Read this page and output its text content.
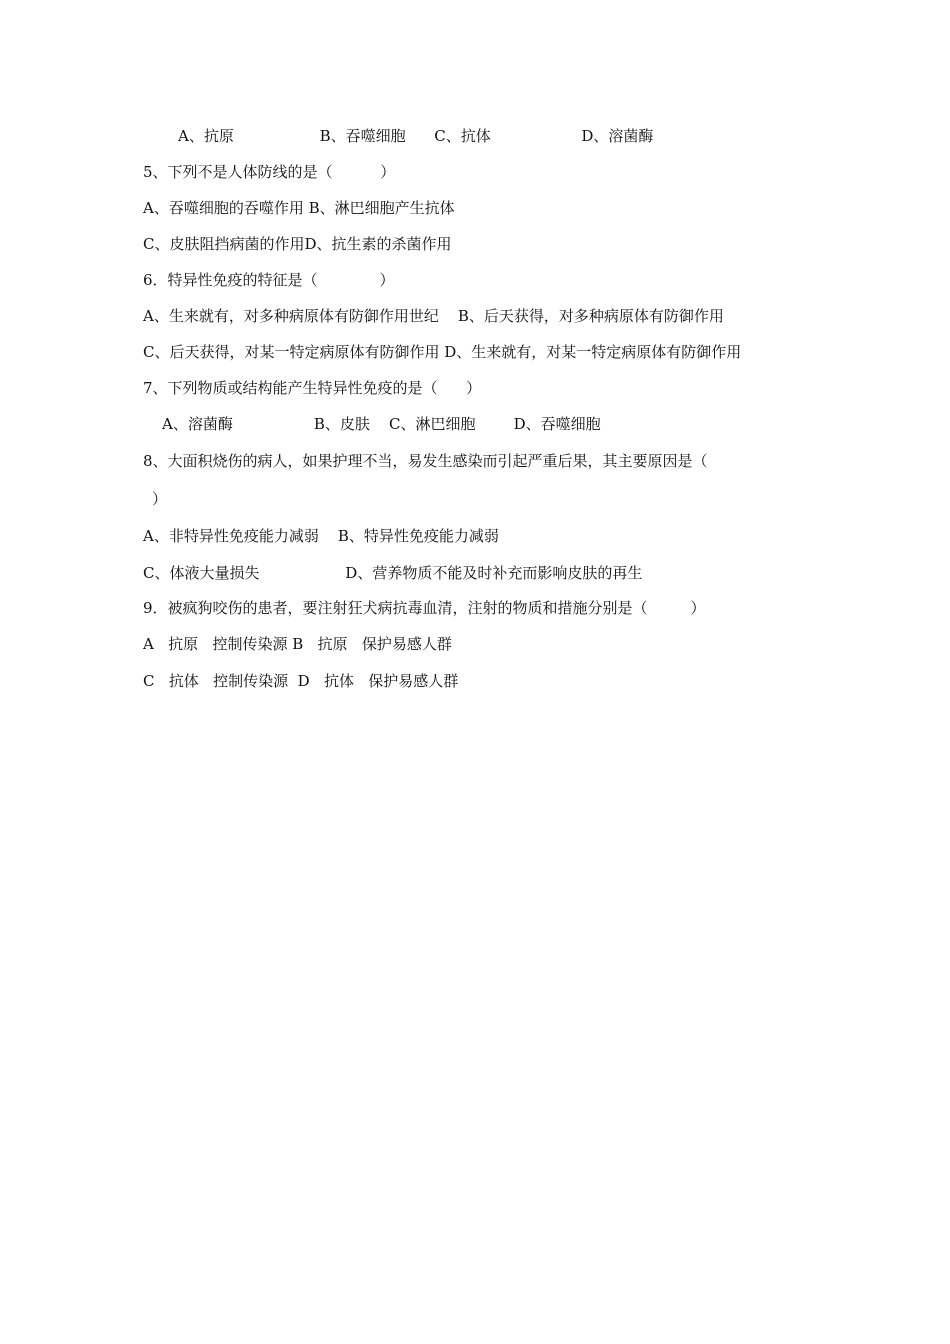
A、抗原                  B、吞噬细胞      C、抗体                   D、溶菌酶
5、下列不是人体防线的是（          ）
A、吞噬细胞的吞噬作用 B、淋巴细胞产生抗体
C、皮肤阻挡病菌的作用D、抗生素的杀菌作用
6．特异性免疫的特征是（             ）
A、生来就有，对多种病原体有防御作用世纪    B、后天获得，对多种病原体有防御作用
C、后天获得，对某一特定病原体有防御作用 D、生来就有，对某一特定病原体有防御作用
7、下列物质或结构能产生特异性免疫的是（      ）
A、溶菌酶                 B、皮肤    C、淋巴细胞        D、吞噬细胞
8、大面积烧伤的病人，如果护理不当，易发生感染而引起严重后果，其主要原因是（
）
A、非特异性免疫能力减弱    B、特异性免疫能力减弱
C、体液大量损失                  D、营养物质不能及时补充而影响皮肤的再生
9．被疯狗咬伤的患者，要注射狂犬病抗毒血清，注射的物质和措施分别是（         ）
A   抗原   控制传染源 B   抗原   保护易感人群
C   抗体   控制传染源  D   抗体   保护易感人群
